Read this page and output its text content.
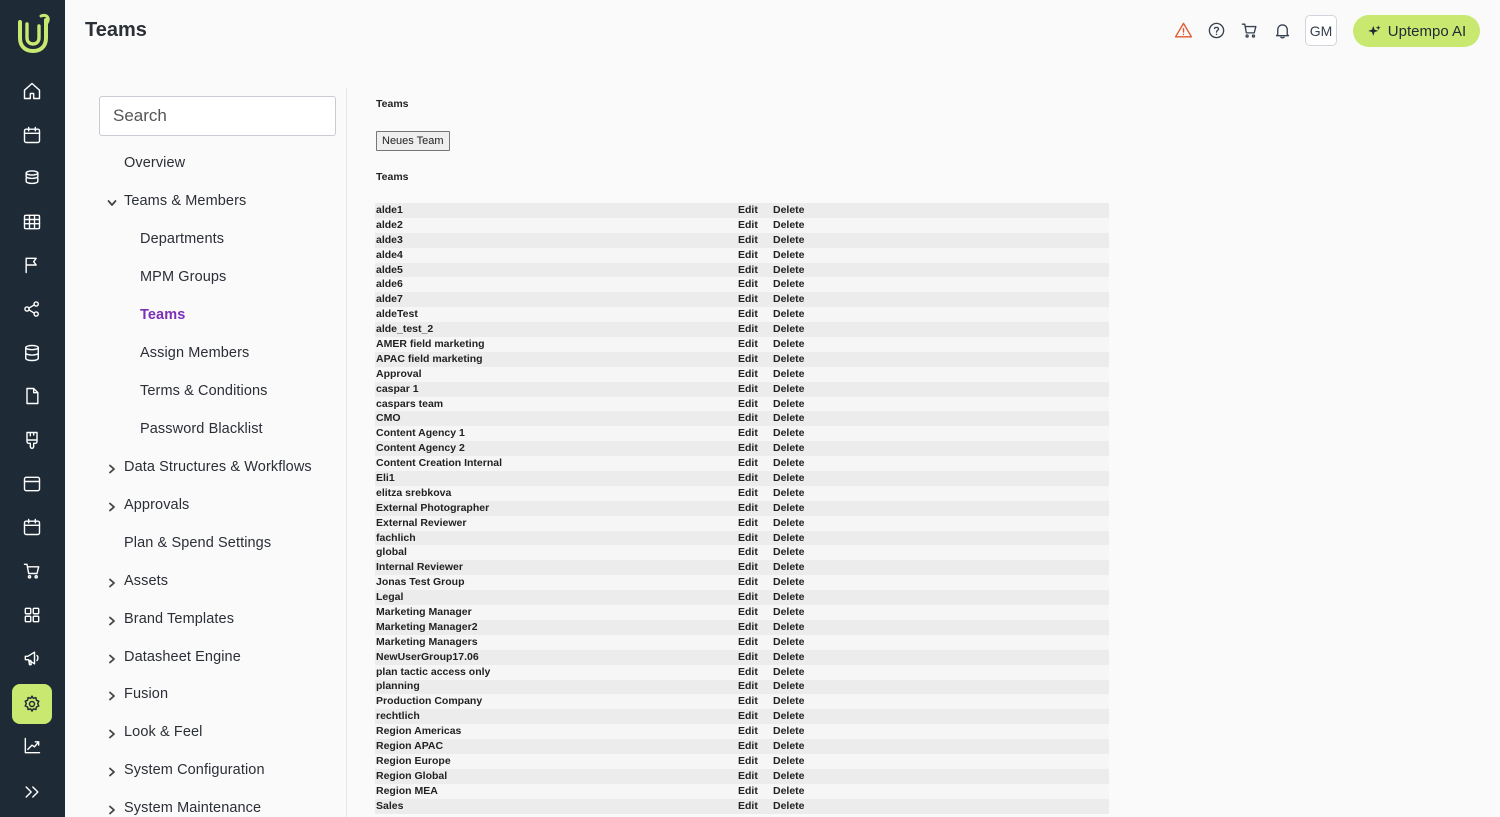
Teams	GM	Uptempo AI
Search
Overview
Teams & Members
Departments
MPM Groups
Teams
Assign Members
Terms & Conditions
Password Blacklist
Data Structures & Workflows
Approvals
Plan & Spend Settings
Assets
Brand Templates
Datasheet Engine
Fusion
Look & Feel
System Configuration
System Maintenance
Teams
Neues Team
Teams
alde1	Edit	Delete
alde2	Edit	Delete
alde3	Edit	Delete
alde4	Edit	Delete
alde5	Edit	Delete
alde6	Edit	Delete
alde7	Edit	Delete
aldeTest	Edit	Delete
alde_test_2	Edit	Delete
AMER field marketing	Edit	Delete
APAC field marketing	Edit	Delete
Approval	Edit	Delete
caspar 1	Edit	Delete
caspars team	Edit	Delete
CMO	Edit	Delete
Content Agency 1	Edit	Delete
Content Agency 2	Edit	Delete
Content Creation Internal	Edit	Delete
Eli1	Edit	Delete
elitza srebkova	Edit	Delete
External Photographer	Edit	Delete
External Reviewer	Edit	Delete
fachlich	Edit	Delete
global	Edit	Delete
Internal Reviewer	Edit	Delete
Jonas Test Group	Edit	Delete
Legal	Edit	Delete
Marketing Manager	Edit	Delete
Marketing Manager2	Edit	Delete
Marketing Managers	Edit	Delete
NewUserGroup17.06	Edit	Delete
plan tactic access only	Edit	Delete
planning	Edit	Delete
Production Company	Edit	Delete
rechtlich	Edit	Delete
Region Americas	Edit	Delete
Region APAC	Edit	Delete
Region Europe	Edit	Delete
Region Global	Edit	Delete
Region MEA	Edit	Delete
Sales	Edit	Delete
